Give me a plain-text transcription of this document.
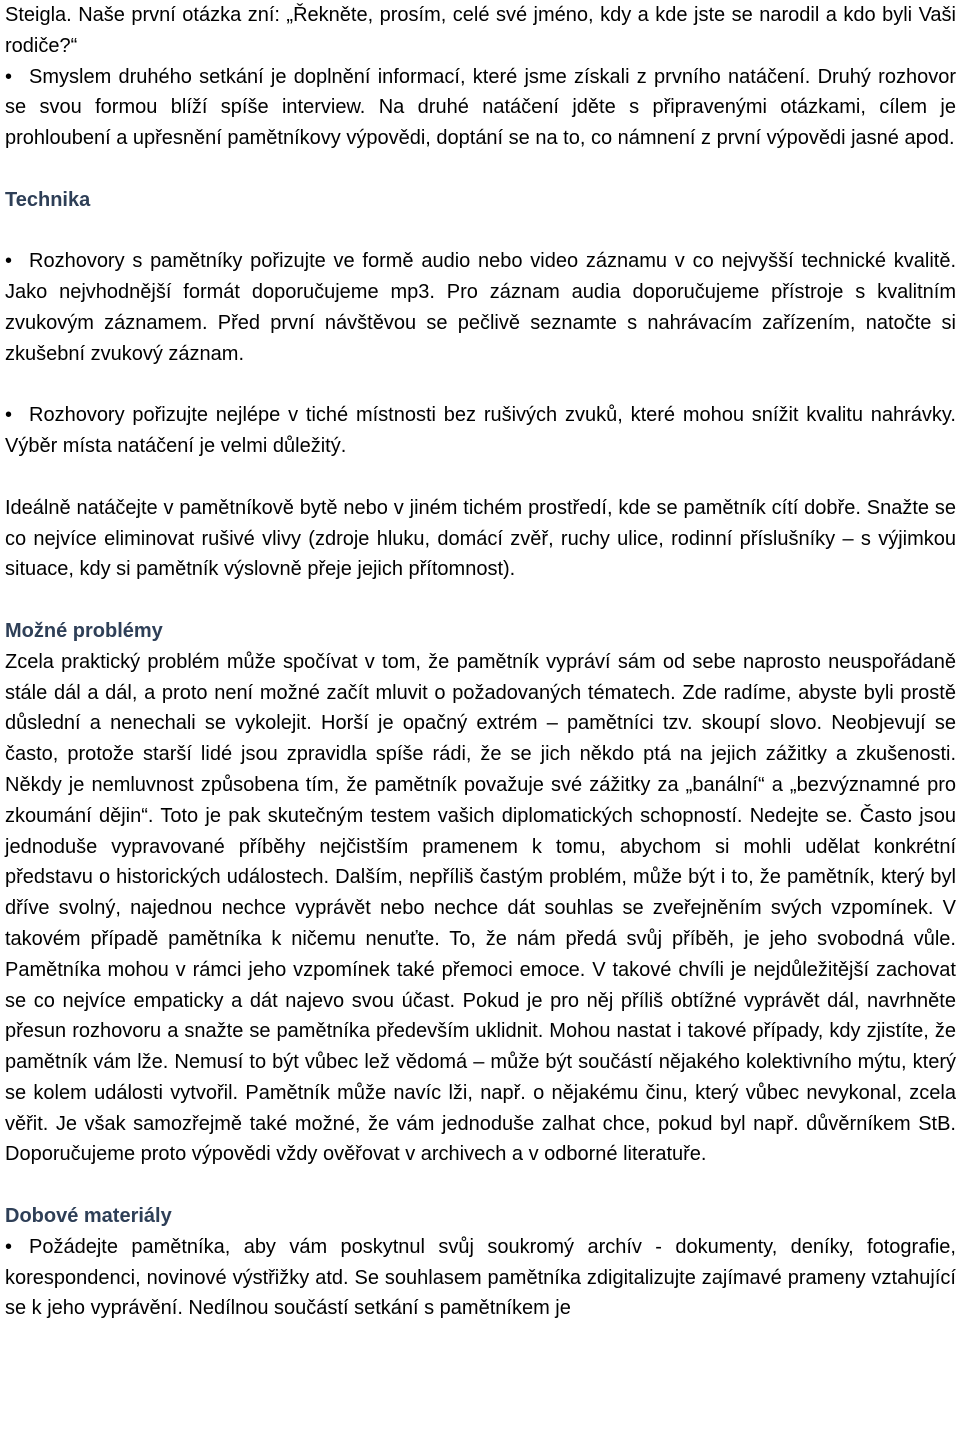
Steigla. Naše první otázka zní: „Řekněte, prosím, celé své jméno, kdy a kde jste se narodil a kdo byli Vaši rodiče?“

• Smyslem druhého setkání je doplnění informací, které jsme získali z prvního natáčení. Druhý rozhovor se svou formou blíží spíše interview. Na druhé natáčení jděte s připravenými otázkami, cílem je prohloubení a upřesnění pamětníkovy výpovědi, doptání se na to, co námnení z první výpovědi jasné apod.

Technika

• Rozhovory s pamětníky pořizujte ve formě audio nebo video záznamu v co nejvyšší technické kvalitě. Jako nejvhodnější formát doporučujeme mp3. Pro záznam audia doporučujeme přístroje s kvalitním zvukovým záznamem. Před první návštěvou se pečlivě seznamte s nahrávacím zařízením, natočte si zkušební zvukový záznam.

• Rozhovory pořizujte nejlépe v tiché místnosti bez rušivých zvuků, které mohou snížit kvalitu nahrávky. Výběr místa natáčení je velmi důležitý.

Ideálně natáčejte v pamětníkově bytě nebo v jiném tichém prostředí, kde se pamětník cítí dobře. Snažte se co nejvíce eliminovat rušivé vlivy (zdroje hluku, domácí zvěř, ruchy ulice, rodinní příslušníky – s výjimkou situace, kdy si pamětník výslovně přeje jejich přítomnost).

Možné problémy

Zcela praktický problém může spočívat v tom, že pamětník vypráví sám od sebe naprosto neuspořádaně stále dál a dál, a proto není možné začít mluvit o požadovaných tématech. Zde radíme, abyste byli prostě důslední a nenechali se vykolejit. Horší je opačný extrém – pamětníci tzv. skoupí slovo. Neobjevují se často, protože starší lidé jsou zpravidla spíše rádi, že se jich někdo ptá na jejich zážitky a zkušenosti. Někdy je nemluvnost způsobena tím, že pamětník považuje své zážitky za „banální“ a „bezvýznamné pro zkoumání dějin“. Toto je pak skutečným testem vašich diplomatických schopností. Nedejte se. Často jsou jednoduše vypravované příběhy nejčistším pramenem k tomu, abychom si mohli udělat konkrétní představu o historických událostech. Dalším, nepříliš častým problém, může být i to, že pamětník, který byl dříve svolný, najednou nechce vyprávět nebo nechce dát souhlas se zveřejněním svých vzpomínek. V takovém případě pamětníka k ničemu nenuťte. To, že nám předá svůj příběh, je jeho svobodná vůle. Pamětníka mohou v rámci jeho vzpomínek také přemoci emoce. V takové chvíli je nejdůležitější zachovat se co nejvíce empaticky a dát najevo svou účast. Pokud je pro něj příliš obtížné vyprávět dál, navrhněte přesun rozhovoru a snažte se pamětníka především uklidnit. Mohou nastat i takové případy, kdy zjistíte, že pamětník vám lže. Nemusí to být vůbec lež vědomá – může být součástí nějakého kolektivního mýtu, který se kolem události vytvořil. Pamětník může navíc lži, např. o nějakému činu, který vůbec nevykonal, zcela věřit. Je však samozřejmě také možné, že vám jednoduše zalhat chce, pokud byl např. důvěrníkem StB. Doporučujeme proto výpovědi vždy ověřovat v archivech a v odborné literatuře.

Dobové materiály

• Požádejte pamětníka, aby vám poskytnul svůj soukromý archív - dokumenty, deníky, fotografie, korespondenci, novinové výstřižky atd. Se souhlasem pamětníka zdigitalizujte zajímavé prameny vztahující se k jeho vyprávění. Nedílnou součástí setkání s pamětníkem je
